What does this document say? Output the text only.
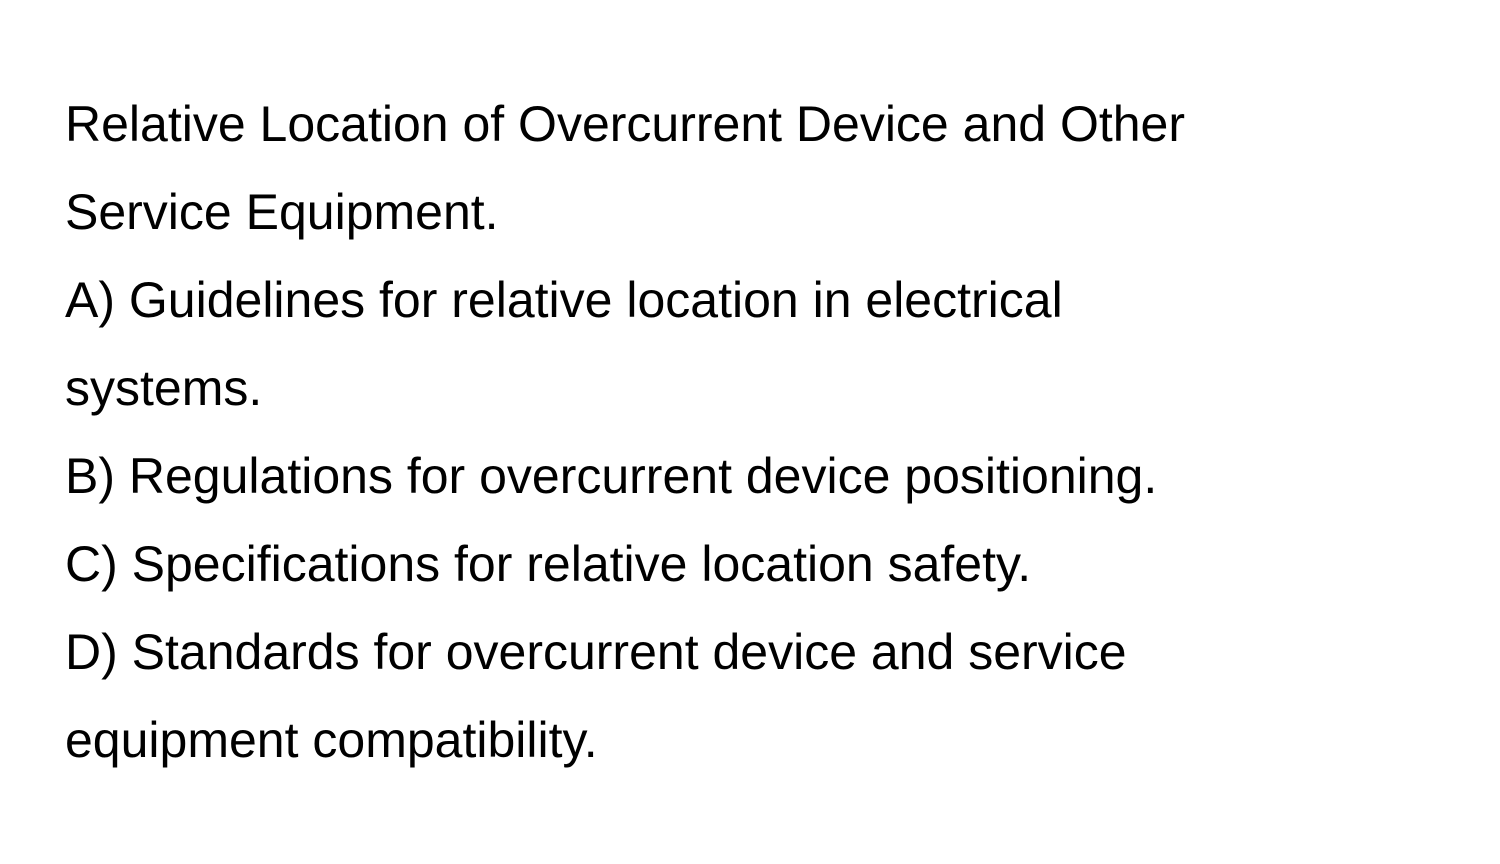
Relative Location of Overcurrent Device and Other
Service Equipment.
A) Guidelines for relative location in electrical
systems.
B) Regulations for overcurrent device positioning.
C) Specifications for relative location safety.
D) Standards for overcurrent device and service
equipment compatibility.
